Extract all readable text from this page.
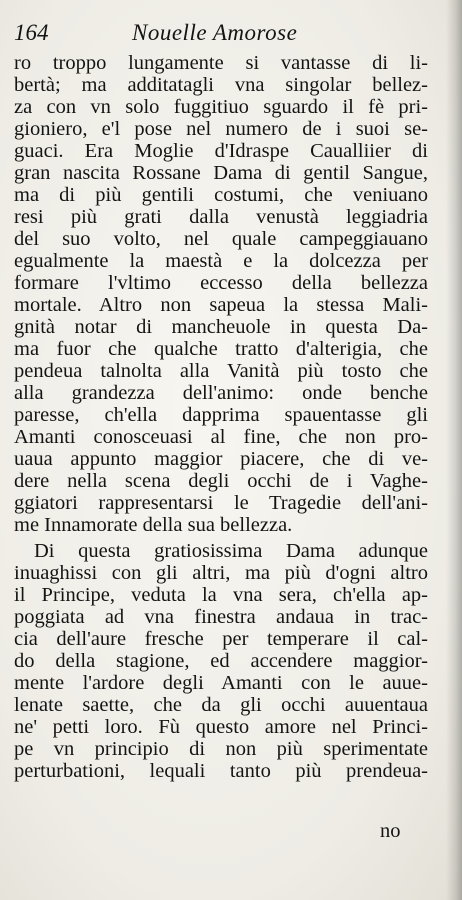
164	Nouelle Amorose
ro troppo lungamente si vantasse di li-
bertà; ma additatagli vna singolar bellez-
za con vn solo fuggitiuo sguardo il fè pri-
gioniero, e'l pose nel numero de i suoi se-
guaci. Era Moglie d'Idraspe Caualliier di
gran nascita Rossane Dama di gentil Sangue,
ma di più gentili costumi, che veniuano
resi più grati dalla venustà leggiadria
del suo volto, nel quale campeggiauano
egualmente la maestà e la dolcezza per
formare l'vltimo eccesso della bellezza
mortale. Altro non sapeua la stessa Mali-
gnità notar di mancheuole in questa Da-
ma fuor che qualche tratto d'alterigia, che
pendeua talnolta alla Vanità più tosto che
alla grandezza dell'animo: onde benche
paresse, ch'ella dapprima spauentasse gli
Amanti conosceuasi al fine, che non pro-
uaua appunto maggior piacere, che di ve-
dere nella scena degli occhi de i Vaghe-
ggiatori rappresentarsi le Tragedie dell'ani-
me Innamorate della sua bellezza.
Di questa gratiosissima Dama adunque
inuaghissi con gli altri, ma più d'ogni altro
il Principe, veduta la vna sera, ch'ella ap-
poggiata ad vna finestra andaua in trac-
cia dell'aure fresche per temperare il cal-
do della stagione, ed accendere maggior-
mente l'ardore degli Amanti con le auue-
lenate saette, che da gli occhi auuentaua
ne' petti loro. Fù questo amore nel Princi-
pe vn principio di non più sperimentate
perturbationi, lequali tanto più prendeua-
no
